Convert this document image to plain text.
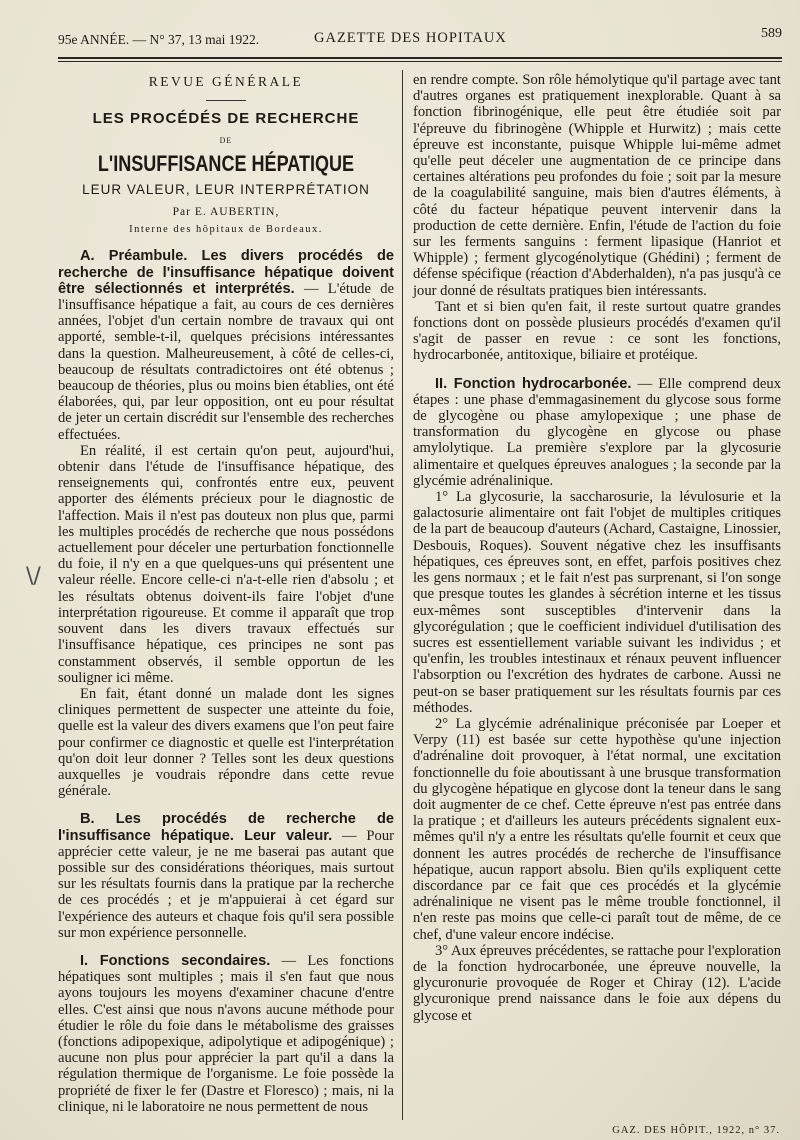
95e ANNÉE. — N° 37, 13 mai 1922.	GAZETTE DES HOPITAUX	589
\/
REVUE GÉNÉRALE
LES PROCÉDÉS DE RECHERCHE
DE
L'INSUFFISANCE HÉPATIQUE
LEUR VALEUR, LEUR INTERPRÉTATION
Par E. AUBERTIN,
Interne des hôpitaux de Bordeaux.

A. Préambule. Les divers procédés de recherche de l'insuffisance hépatique doivent être sélectionnés et interprétés. — L'étude de l'insuffisance hépatique a fait, au cours de ces dernières années, l'objet d'un certain nombre de travaux qui ont apporté, semble-t-il, quelques précisions intéressantes dans la question. Malheureusement, à côté de celles-ci, beaucoup de résultats contradictoires ont été obtenus ; beaucoup de théories, plus ou moins bien établies, ont été élaborées, qui, par leur opposition, ont eu pour résultat de jeter un certain discrédit sur l'ensemble des recherches effectuées.

En réalité, il est certain qu'on peut, aujourd'hui, obtenir dans l'étude de l'insuffisance hépatique, des renseignements qui, confrontés entre eux, peuvent apporter des éléments précieux pour le diagnostic de l'affection. Mais il n'est pas douteux non plus que, parmi les multiples procédés de recherche que nous possédons actuellement pour déceler une perturbation fonctionnelle du foie, il n'y en a que quelques-uns qui présentent une valeur réelle. Encore celle-ci n'a-t-elle rien d'absolu ; et les résultats obtenus doivent-ils faire l'objet d'une interprétation rigoureuse. Et comme il apparaît que trop souvent dans les divers travaux effectués sur l'insuffisance hépatique, ces principes ne sont pas constamment observés, il semble opportun de les souligner ici même.

En fait, étant donné un malade dont les signes cliniques permettent de suspecter une atteinte du foie, quelle est la valeur des divers examens que l'on peut faire pour confirmer ce diagnostic et quelle est l'interprétation qu'on doit leur donner ? Telles sont les deux questions auxquelles je voudrais répondre dans cette revue générale.

B. Les procédés de recherche de l'insuffisance hépatique. Leur valeur. — Pour apprécier cette valeur, je ne me baserai pas autant que possible sur des considérations théoriques, mais surtout sur les résultats fournis dans la pratique par la recherche de ces procédés ; et je m'appuierai à cet égard sur l'expérience des auteurs et chaque fois qu'il sera possible sur mon expérience personnelle.

I. Fonctions secondaires. — Les fonctions hépatiques sont multiples ; mais il s'en faut que nous ayons toujours les moyens d'examiner chacune d'entre elles. C'est ainsi que nous n'avons aucune méthode pour étudier le rôle du foie dans le métabolisme des graisses (fonctions adipopexique, adipolytique et adipogénique) ; aucune non plus pour apprécier la part qu'il a dans la régulation thermique de l'organisme. Le foie possède la propriété de fixer le fer (Dastre et Floresco) ; mais, ni la clinique, ni le laboratoire ne nous permettent de nous

en rendre compte. Son rôle hémolytique qu'il partage avec tant d'autres organes est pratiquement inexplorable. Quant à sa fonction fibrinogénique, elle peut être étudiée soit par l'épreuve du fibrinogène (Whipple et Hurwitz) ; mais cette épreuve est inconstante, puisque Whipple lui-même admet qu'elle peut déceler une augmentation de ce principe dans certaines altérations peu profondes du foie ; soit par la mesure de la coagulabilité sanguine, mais bien d'autres éléments, à côté du facteur hépatique peuvent intervenir dans la production de cette dernière. Enfin, l'étude de l'action du foie sur les ferments sanguins : ferment lipasique (Hanriot et Whipple) ; ferment glycogénolytique (Ghédini) ; ferment de défense spécifique (réaction d'Abderhalden), n'a pas jusqu'à ce jour donné de résultats pratiques bien intéressants.

Tant et si bien qu'en fait, il reste surtout quatre grandes fonctions dont on possède plusieurs procédés d'examen qu'il s'agit de passer en revue : ce sont les fonctions, hydrocarbonée, antitoxique, biliaire et protéique.

II. Fonction hydrocarbonée. — Elle comprend deux étapes : une phase d'emmagasinement du glycose sous forme de glycogène ou phase amylopexique ; une phase de transformation du glycogène en glycose ou phase amylolytique. La première s'explore par la glycosurie alimentaire et quelques épreuves analogues ; la seconde par la glycémie adrénalinique.

1° La glycosurie, la saccharosurie, la lévulosurie et la galactosurie alimentaire ont fait l'objet de multiples critiques de la part de beaucoup d'auteurs (Achard, Castaigne, Linossier, Desbouis, Roques). Souvent négative chez les insuffisants hépatiques, ces épreuves sont, en effet, parfois positives chez les gens normaux ; et le fait n'est pas surprenant, si l'on songe que presque toutes les glandes à sécrétion interne et les tissus eux-mêmes sont susceptibles d'intervenir dans la glycorégulation ; que le coefficient individuel d'utilisation des sucres est essentiellement variable suivant les individus ; et qu'enfin, les troubles intestinaux et rénaux peuvent influencer l'absorption ou l'excrétion des hydrates de carbone. Aussi ne peut-on se baser pratiquement sur les résultats fournis par ces méthodes.

2° La glycémie adrénalinique préconisée par Loeper et Verpy (11) est basée sur cette hypothèse qu'une injection d'adrénaline doit provoquer, à l'état normal, une excitation fonctionnelle du foie aboutissant à une brusque transformation du glycogène hépatique en glycose dont la teneur dans le sang doit augmenter de ce chef. Cette épreuve n'est pas entrée dans la pratique ; et d'ailleurs les auteurs précédents signalent eux-mêmes qu'il n'y a entre les résultats qu'elle fournit et ceux que donnent les autres procédés de recherche de l'insuffisance hépatique, aucun rapport absolu. Bien qu'ils expliquent cette discordance par ce fait que ces procédés et la glycémie adrénalinique ne visent pas le même trouble fonctionnel, il n'en reste pas moins que celle-ci paraît tout de même, de ce chef, d'une valeur encore indécise.

3° Aux épreuves précédentes, se rattache pour l'exploration de la fonction hydrocarbonée, une épreuve nouvelle, la glycuronurie provoquée de Roger et Chiray (12). L'acide glycuronique prend naissance dans le foie aux dépens du glycose et

GAZ. DES HÔPIT., 1922, n° 37.
